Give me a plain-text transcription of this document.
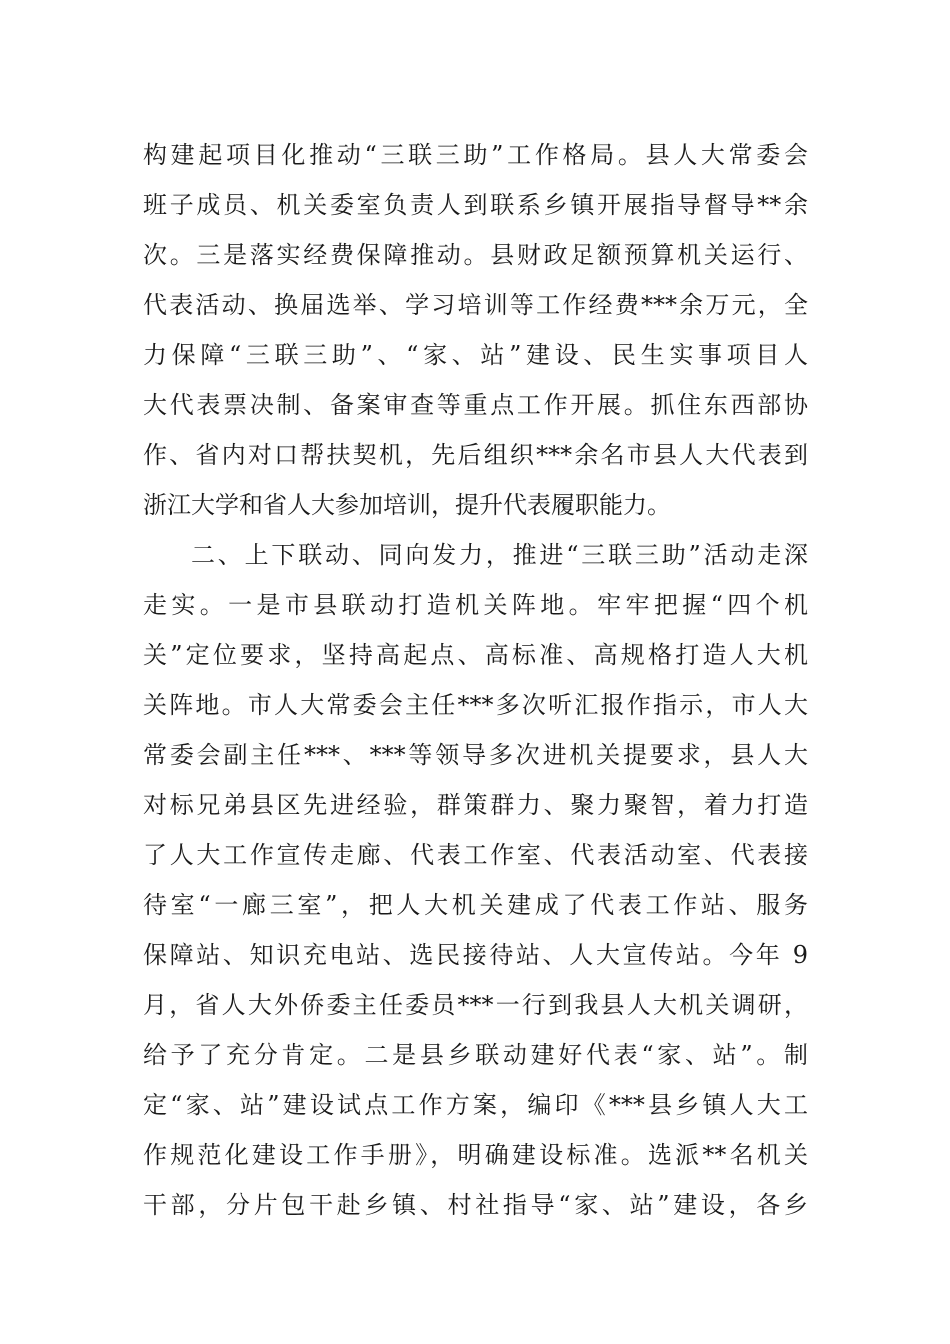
构建起项目化推动“三联三助”工作格局。县人大常委会
班子成员、机关委室负责人到联系乡镇开展指导督导**余
次。三是落实经费保障推动。县财政足额预算机关运行、
代表活动、换届选举、学习培训等工作经费***余万元，全
力保障“三联三助”、“家、站”建设、民生实事项目人
大代表票决制、备案审查等重点工作开展。抓住东西部协
作、省内对口帮扶契机，先后组织***余名市县人大代表到
浙江大学和省人大参加培训，提升代表履职能力。
二、上下联动、同向发力，推进“三联三助”活动走深
走实。一是市县联动打造机关阵地。牢牢把握“四个机
关”定位要求，坚持高起点、高标准、高规格打造人大机
关阵地。市人大常委会主任***多次听汇报作指示，市人大
常委会副主任***、***等领导多次进机关提要求，县人大
对标兄弟县区先进经验，群策群力、聚力聚智，着力打造
了人大工作宣传走廊、代表工作室、代表活动室、代表接
待室“一廊三室”，把人大机关建成了代表工作站、服务
保障站、知识充电站、选民接待站、人大宣传站。今年 9
月，省人大外侨委主任委员***一行到我县人大机关调研，
给予了充分肯定。二是县乡联动建好代表“家、站”。制
定“家、站”建设试点工作方案，编印《***县乡镇人大工
作规范化建设工作手册》，明确建设标准。选派**名机关
干部，分片包干赴乡镇、村社指导“家、站”建设，各乡
